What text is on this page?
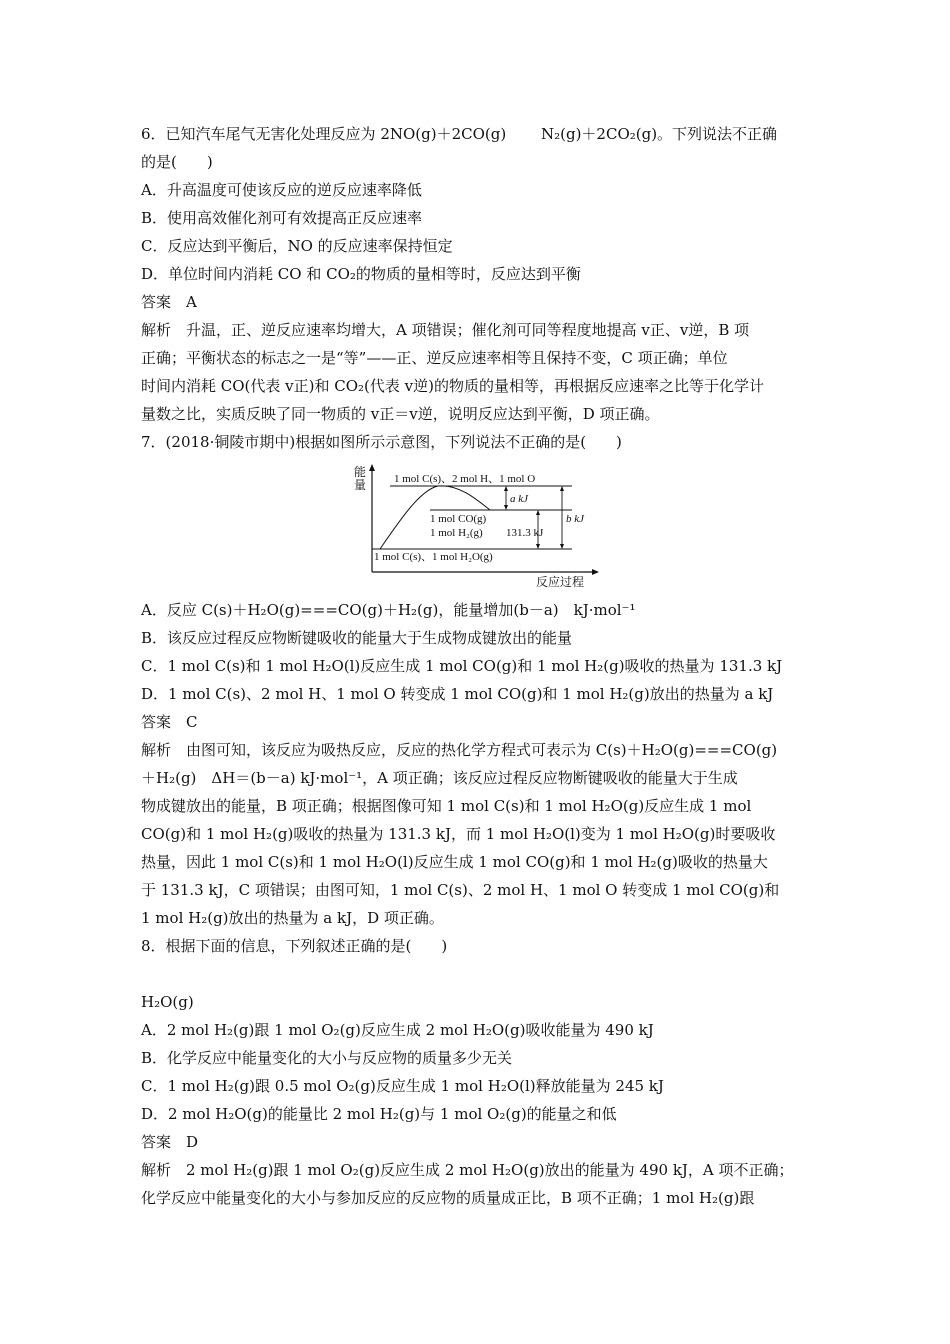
6．已知汽车尾气无害化处理反应为 2NO(g)＋2CO(g)　　 N₂(g)＋2CO₂(g)。下列说法不正确
的是(　　)
A．升高温度可使该反应的逆反应速率降低
B．使用高效催化剂可有效提高正反应速率
C．反应达到平衡后，NO 的反应速率保持恒定
D．单位时间内消耗 CO 和 CO₂的物质的量相等时，反应达到平衡
答案　A
解析　升温，正、逆反应速率均增大，A 项错误；催化剂可同等程度地提高 v正、v逆，B 项
正确；平衡状态的标志之一是“等”——正、逆反应速率相等且保持不变，C 项正确；单位
时间内消耗 CO(代表 v正)和 CO₂(代表 v逆)的物质的量相等，再根据反应速率之比等于化学计
量数之比，实质反映了同一物质的 v正＝v逆，说明反应达到平衡，D 项正确。
7．(2018·铜陵市期中)根据如图所示示意图，下列说法不正确的是(　　)
能
量
反应过程
1 mol C(s)、2 mol H、1 mol O
1 mol CO(g)
1 mol H₂(g)
1 mol C(s)、1 mol H₂O(g)
a kJ
131.3 kJ
b kJ
A．反应 C(s)＋H₂O(g)===CO(g)＋H₂(g)，能量增加(b－a)　kJ·mol⁻¹
B．该反应过程反应物断键吸收的能量大于生成物成键放出的能量
C．1 mol C(s)和 1 mol H₂O(l)反应生成 1 mol CO(g)和 1 mol H₂(g)吸收的热量为 131.3 kJ
D．1 mol C(s)、2 mol H、1 mol O 转变成 1 mol CO(g)和 1 mol H₂(g)放出的热量为 a kJ
答案　C
解析　由图可知，该反应为吸热反应，反应的热化学方程式可表示为 C(s)＋H₂O(g)===CO(g)
＋H₂(g)　ΔH＝(b－a) kJ·mol⁻¹，A 项正确；该反应过程反应物断键吸收的能量大于生成
物成键放出的能量，B 项正确；根据图像可知 1 mol C(s)和 1 mol H₂O(g)反应生成 1 mol
CO(g)和 1 mol H₂(g)吸收的热量为 131.3 kJ，而 1 mol H₂O(l)变为 1 mol H₂O(g)时要吸收
热量，因此 1 mol C(s)和 1 mol H₂O(l)反应生成 1 mol CO(g)和 1 mol H₂(g)吸收的热量大
于 131.3 kJ，C 项错误；由图可知，1 mol C(s)、2 mol H、1 mol O 转变成 1 mol CO(g)和
1 mol H₂(g)放出的热量为 a kJ，D 项正确。
8．根据下面的信息，下列叙述正确的是(　　)
H₂O(g)
A．2 mol H₂(g)跟 1 mol O₂(g)反应生成 2 mol H₂O(g)吸收能量为 490 kJ
B．化学反应中能量变化的大小与反应物的质量多少无关
C．1 mol H₂(g)跟 0.5 mol O₂(g)反应生成 1 mol H₂O(l)释放能量为 245 kJ
D．2 mol H₂O(g)的能量比 2 mol H₂(g)与 1 mol O₂(g)的能量之和低
答案　D
解析　2 mol H₂(g)跟 1 mol O₂(g)反应生成 2 mol H₂O(g)放出的能量为 490 kJ，A 项不正确；
化学反应中能量变化的大小与参加反应的反应物的质量成正比，B 项不正确；1 mol H₂(g)跟
